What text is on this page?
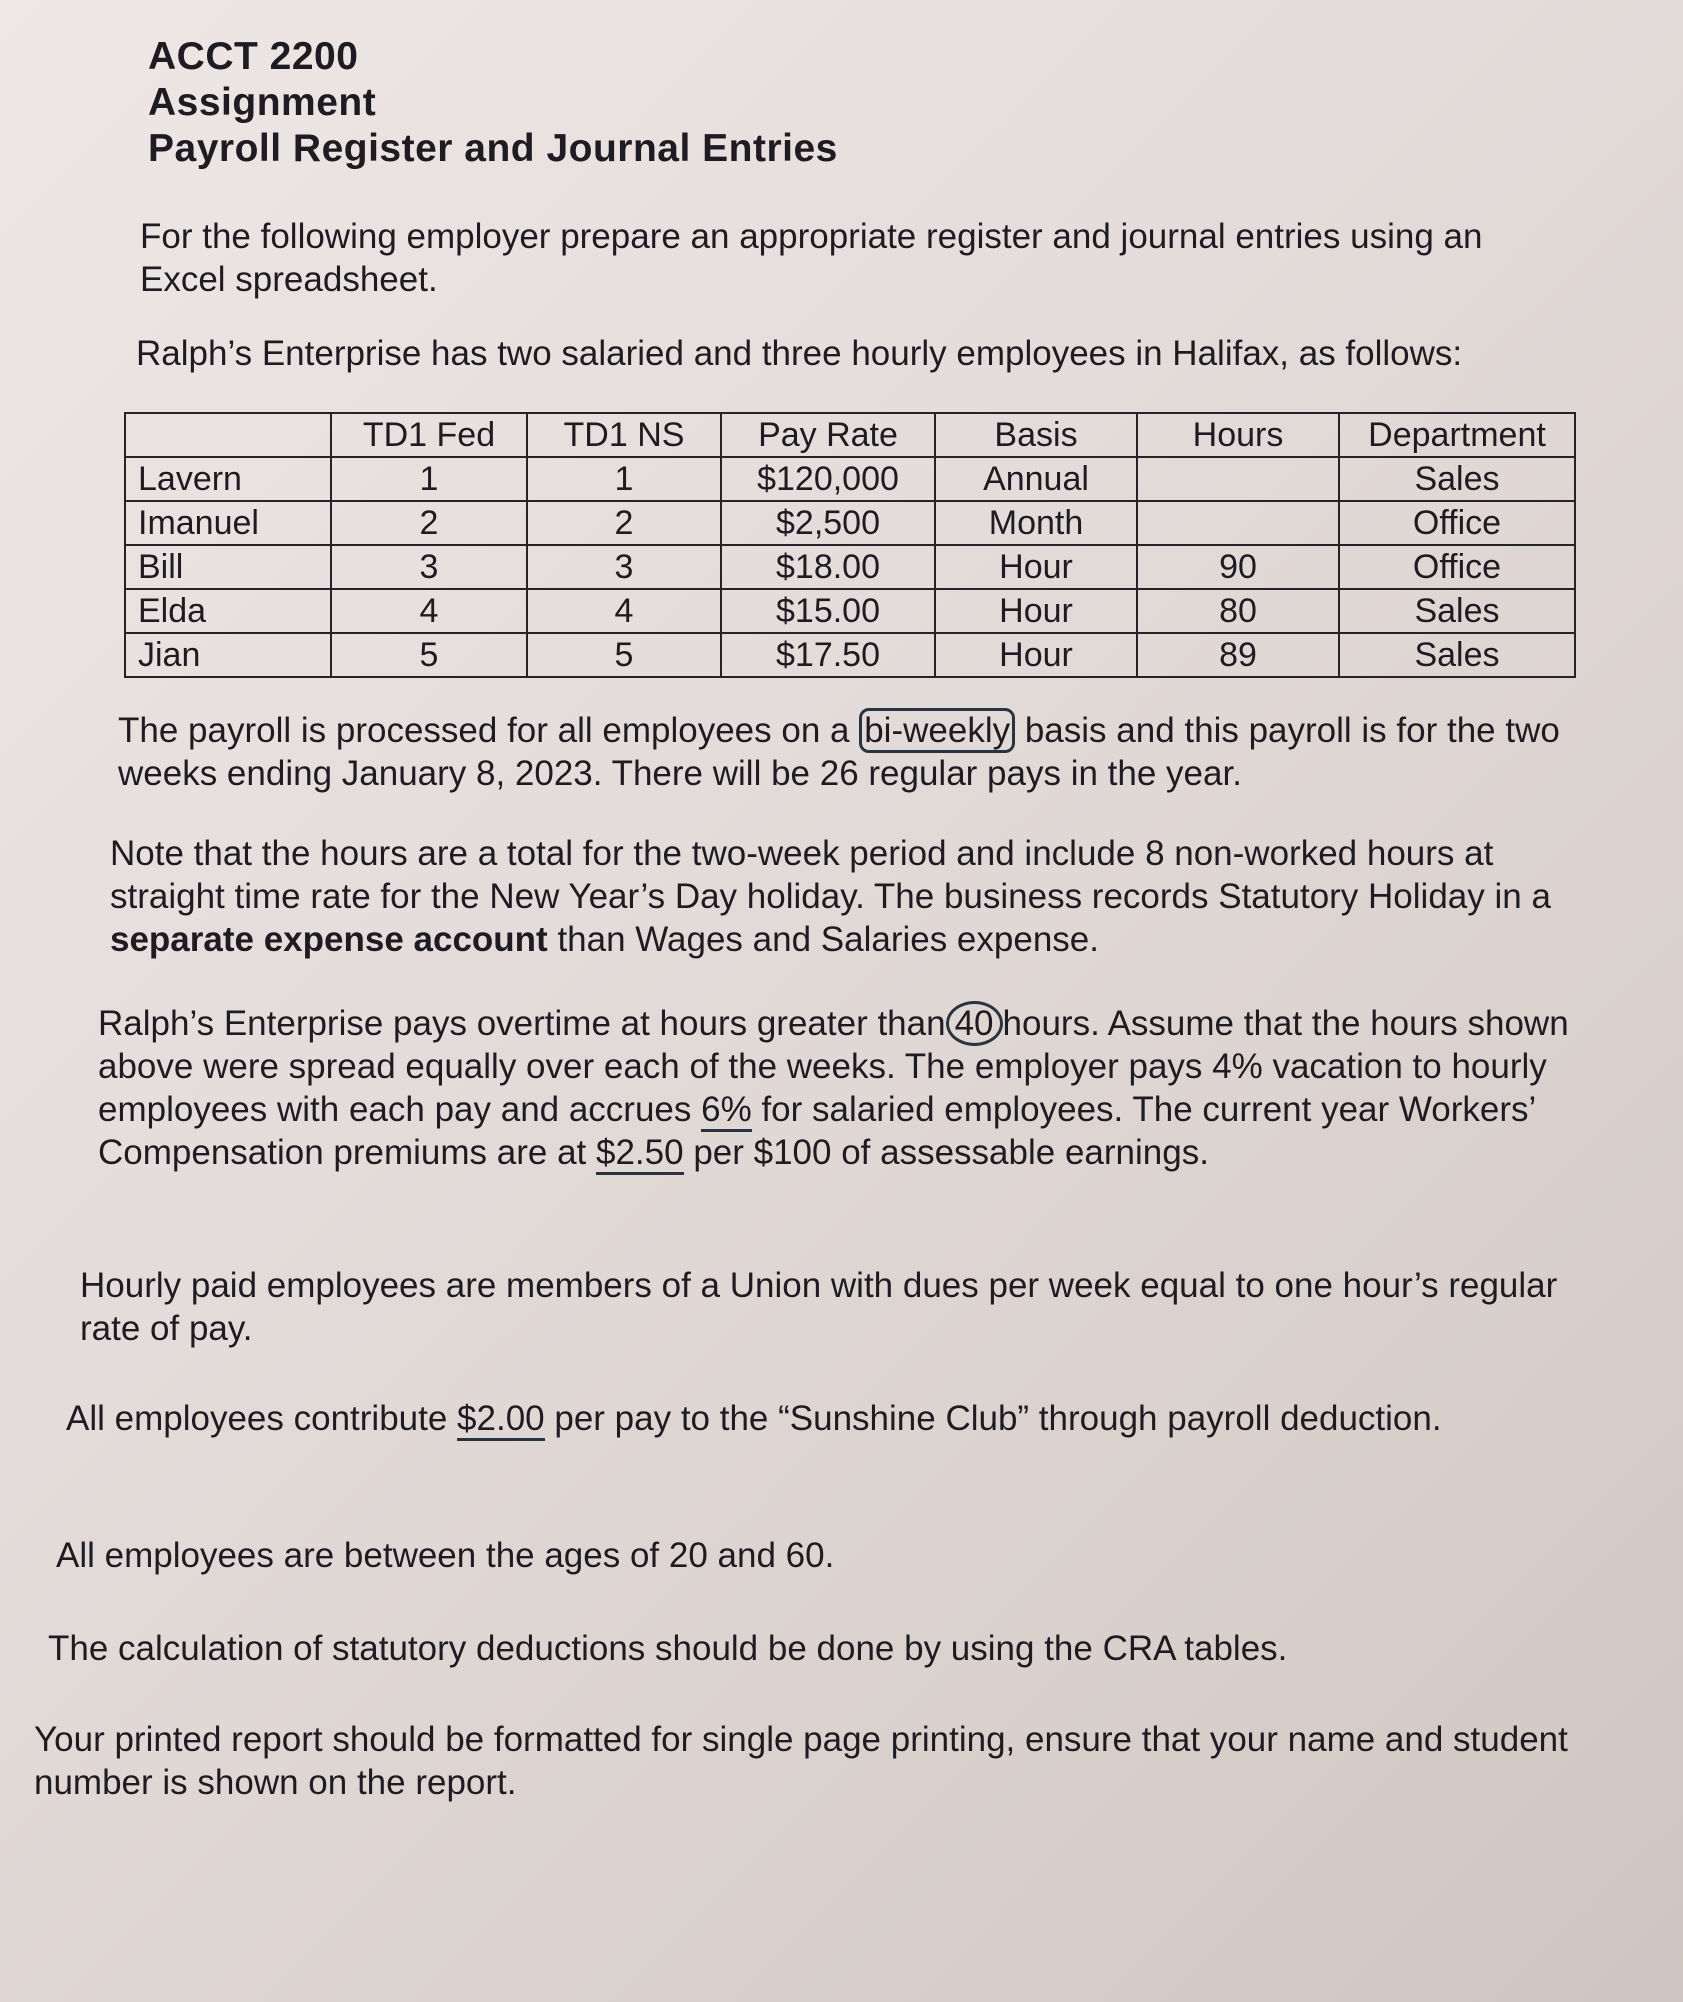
ACCT 2200
Assignment
Payroll Register and Journal Entries
For the following employer prepare an appropriate register and journal entries using an Excel spreadsheet.
Ralph’s Enterprise has two salaried and three hourly employees in Halifax, as follows:
	TD1 Fed	TD1 NS	Pay Rate	Basis	Hours	Department
Lavern	1	1	$120,000	Annual		Sales
Imanuel	2	2	$2,500	Month		Office
Bill	3	3	$18.00	Hour	90	Office
Elda	4	4	$15.00	Hour	80	Sales
Jian	5	5	$17.50	Hour	89	Sales
The payroll is processed for all employees on a bi-weekly basis and this payroll is for the two weeks ending January 8, 2023. There will be 26 regular pays in the year.
Note that the hours are a total for the two-week period and include 8 non-worked hours at straight time rate for the New Year’s Day holiday. The business records Statutory Holiday in a separate expense account than Wages and Salaries expense.
Ralph’s Enterprise pays overtime at hours greater than 40 hours. Assume that the hours shown above were spread equally over each of the weeks. The employer pays 4% vacation to hourly employees with each pay and accrues 6% for salaried employees. The current year Workers’ Compensation premiums are at $2.50 per $100 of assessable earnings.
Hourly paid employees are members of a Union with dues per week equal to one hour’s regular rate of pay.
All employees contribute $2.00 per pay to the “Sunshine Club” through payroll deduction.
All employees are between the ages of 20 and 60.
The calculation of statutory deductions should be done by using the CRA tables.
Your printed report should be formatted for single page printing, ensure that your name and student number is shown on the report.
